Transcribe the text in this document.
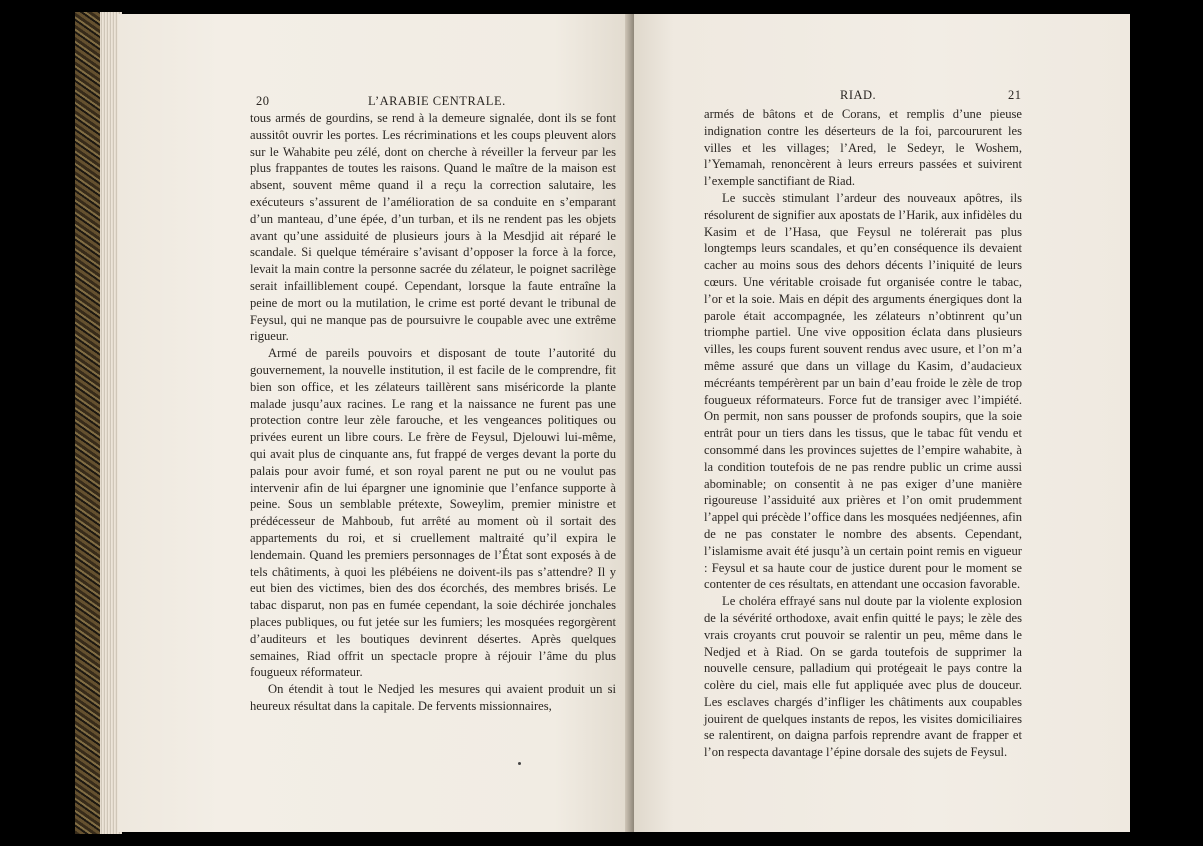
20	L’ARABIE CENTRALE.

tous armés de gourdins, se rend à la demeure signalée, dont ils se font aussitôt ouvrir les portes. Les récriminations et les coups pleuvent alors sur le Wahabite peu zélé, dont on cherche à réveiller la ferveur par les plus frappantes de toutes les raisons. Quand le maître de la maison est absent, souvent même quand il a reçu la correction salutaire, les exécuteurs s’assurent de l’amélioration de sa conduite en s’emparant d’un manteau, d’une épée, d’un turban, et ils ne rendent pas les objets avant qu’une assiduité de plusieurs jours à la Mesdjid ait réparé le scandale. Si quelque téméraire s’avisant d’opposer la force à la force, levait la main contre la personne sacrée du zélateur, le poignet sacrilège serait infailliblement coupé. Cependant, lorsque la faute entraîne la peine de mort ou la mutilation, le crime est porté devant le tribunal de Feysul, qui ne manque pas de poursuivre le coupable avec une extrême rigueur.

Armé de pareils pouvoirs et disposant de toute l’autorité du gouvernement, la nouvelle institution, il est facile de le comprendre, fit bien son office, et les zélateurs taillèrent sans miséricorde la plante malade jusqu’aux racines. Le rang et la naissance ne furent pas une protection contre leur zèle farouche, et les vengeances politiques ou privées eurent un libre cours. Le frère de Feysul, Djelouwi lui-même, qui avait plus de cinquante ans, fut frappé de verges devant la porte du palais pour avoir fumé, et son royal parent ne put ou ne voulut pas intervenir afin de lui épargner une ignominie que l’enfance supporte à peine. Sous un semblable prétexte, Soweylim, premier ministre et prédécesseur de Mahboub, fut arrêté au moment où il sortait des appartements du roi, et si cruellement maltraité qu’il expira le lendemain. Quand les premiers personnages de l’État sont exposés à de tels châtiments, à quoi les plébéiens ne doivent-ils pas s’attendre? Il y eut bien des victimes, bien des dos écorchés, des membres brisés. Le tabac disparut, non pas en fumée cependant, la soie déchirée jonchales places publiques, ou fut jetée sur les fumiers; les mosquées regorgèrent d’auditeurs et les boutiques devinrent désertes. Après quelques semaines, Riad offrit un spectacle propre à réjouir l’âme du plus fougueux réformateur.

On étendit à tout le Nedjed les mesures qui avaient produit un si heureux résultat dans la capitale. De fervents missionnaires,

RIAD.	21

armés de bâtons et de Corans, et remplis d’une pieuse indignation contre les déserteurs de la foi, parcoururent les villes et les villages; l’Ared, le Sedeyr, le Woshem, l’Yemamah, renoncèrent à leurs erreurs passées et suivirent l’exemple sanctifiant de Riad.

Le succès stimulant l’ardeur des nouveaux apôtres, ils résolurent de signifier aux apostats de l’Harik, aux infidèles du Kasim et de l’Hasa, que Feysul ne tolérerait pas plus longtemps leurs scandales, et qu’en conséquence ils devaient cacher au moins sous des dehors décents l’iniquité de leurs cœurs. Une véritable croisade fut organisée contre le tabac, l’or et la soie. Mais en dépit des arguments énergiques dont la parole était accompagnée, les zélateurs n’obtinrent qu’un triomphe partiel. Une vive opposition éclata dans plusieurs villes, les coups furent souvent rendus avec usure, et l’on m’a même assuré que dans un village du Kasim, d’audacieux mécréants tempérèrent par un bain d’eau froide le zèle de trop fougueux réformateurs. Force fut de transiger avec l’impiété. On permit, non sans pousser de profonds soupirs, que la soie entrât pour un tiers dans les tissus, que le tabac fût vendu et consommé dans les provinces sujettes de l’empire wahabite, à la condition toutefois de ne pas rendre public un crime aussi abominable; on consentit à ne pas exiger d’une manière rigoureuse l’assiduité aux prières et l’on omit prudemment l’appel qui précède l’office dans les mosquées nedjéennes, afin de ne pas constater le nombre des absents. Cependant, l’islamisme avait été jusqu’à un certain point remis en vigueur : Feysul et sa haute cour de justice durent pour le moment se contenter de ces résultats, en attendant une occasion favorable.

Le choléra effrayé sans nul doute par la violente explosion de la sévérité orthodoxe, avait enfin quitté le pays; le zèle des vrais croyants crut pouvoir se ralentir un peu, même dans le Nedjed et à Riad. On se garda toutefois de supprimer la nouvelle censure, palladium qui protégeait le pays contre la colère du ciel, mais elle fut appliquée avec plus de douceur. Les esclaves chargés d’infliger les châtiments aux coupables jouirent de quelques instants de repos, les visites domiciliaires se ralentirent, on daigna parfois reprendre avant de frapper et l’on respecta davantage l’épine dorsale des sujets de Feysul.
